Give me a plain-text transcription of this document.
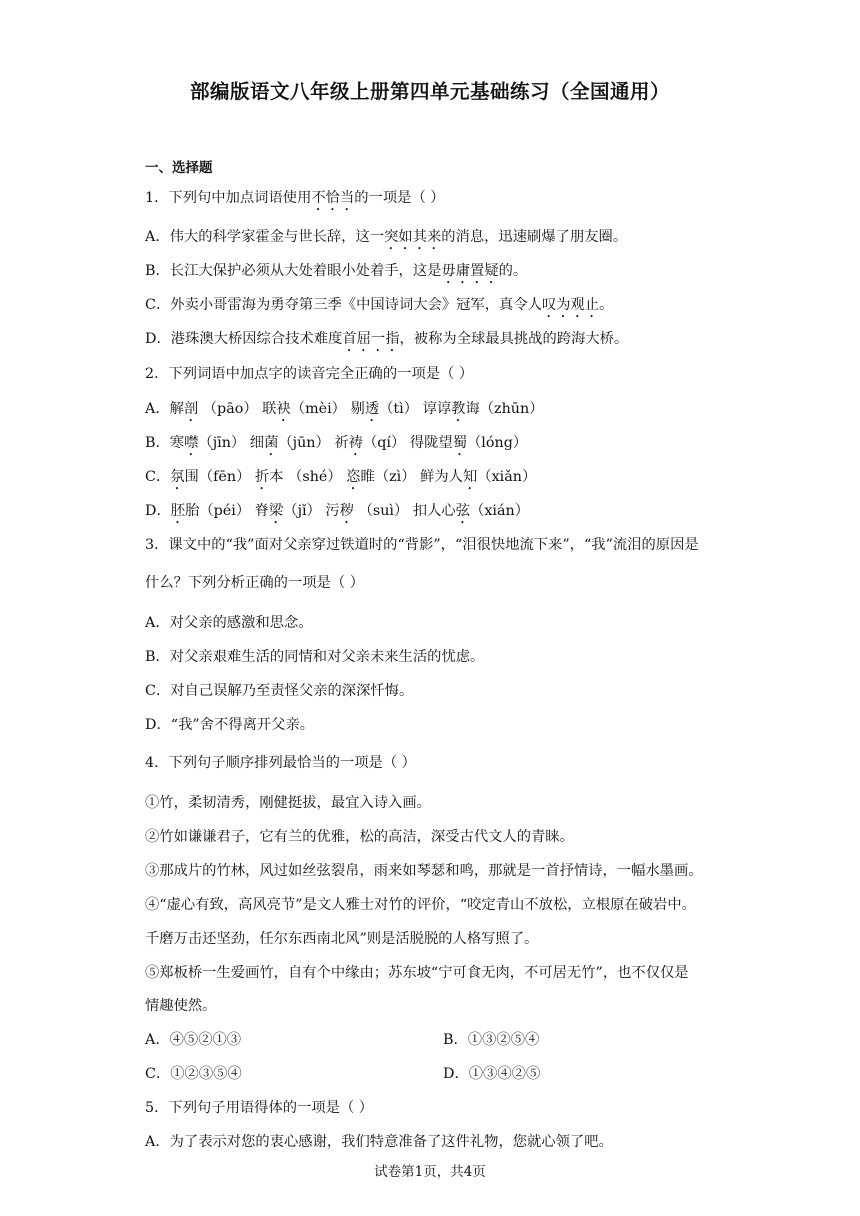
部编版语文八年级上册第四单元基础练习（全国通用）
一、选择题
1．下列句中加点词语使用不恰当的一项是（ ）
A．伟大的科学家霍金与世长辞，这一突如其来的消息，迅速刷爆了朋友圈。
B．长江大保护必须从大处着眼小处着手，这是毋庸置疑的。
C．外卖小哥雷海为勇夺第三季《中国诗词大会》冠军，真令人叹为观止。
D．港珠澳大桥因综合技术难度首屈一指，被称为全球最具挑战的跨海大桥。
2．下列词语中加点字的读音完全正确的一项是（ ）
A．解剖 （pāo） 联袂（mèi） 剔透（tì） 谆谆教诲（zhūn）
B．寒噤（jīn） 细菌（jūn） 祈祷（qí） 得陇望蜀（lóng）
C．氛围（fēn） 折本 （shé） 恣睢（zì） 鲜为人知（xiǎn）
D．胚胎（péi） 脊梁（jǐ） 污秽 （suì） 扣人心弦（xián）
3．课文中的“我”面对父亲穿过铁道时的“背影”，“泪很快地流下来”，“我”流泪的原因是
什么？下列分析正确的一项是（ ）
A．对父亲的感激和思念。
B．对父亲艰难生活的同情和对父亲未来生活的忧虑。
C．对自己误解乃至责怪父亲的深深忏悔。
D．“我”舍不得离开父亲。
4．下列句子顺序排列最恰当的一项是（ ）
①竹，柔韧清秀，刚健挺拔，最宜入诗入画。
②竹如谦谦君子，它有兰的优雅，松的高洁，深受古代文人的青睐。
③那成片的竹林，风过如丝弦裂帛，雨来如琴瑟和鸣，那就是一首抒情诗，一幅水墨画。
④“虚心有致，高风亮节”是文人雅士对竹的评价，“咬定青山不放松，立根原在破岩中。
千磨万击还坚劲，任尔东西南北风”则是活脱脱的人格写照了。
⑤郑板桥一生爱画竹，自有个中缘由；苏东坡“宁可食无肉，不可居无竹”，也不仅仅是
情趣使然。
A．④⑤②①③	B．①③②⑤④
C．①②③⑤④	D．①③④②⑤
5．下列句子用语得体的一项是（ ）
A．为了表示对您的衷心感谢，我们特意准备了这件礼物，您就心领了吧。
试卷第1页，共4页
